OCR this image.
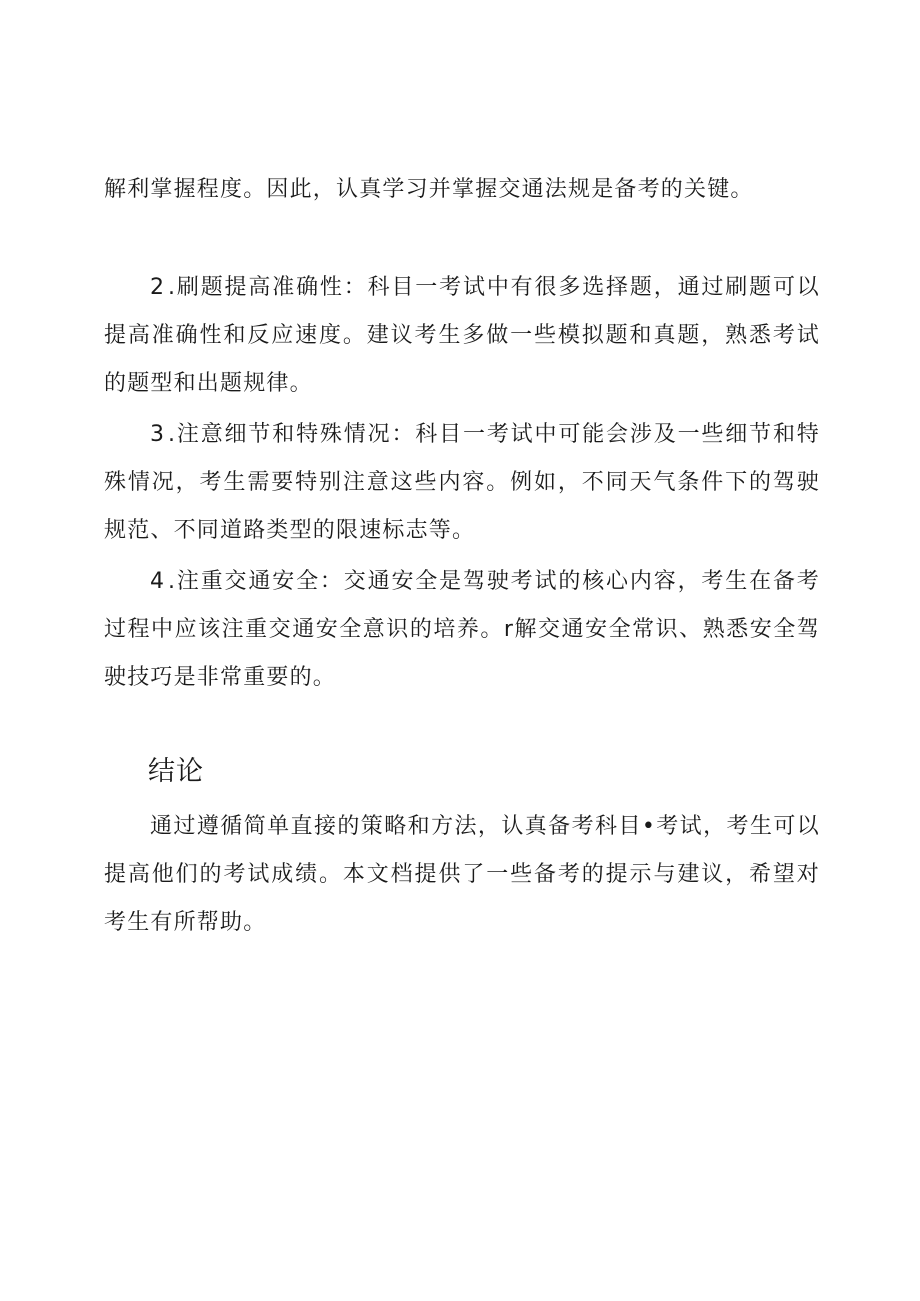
解利掌握程度。因此，认真学习并掌握交通法规是备考的关键。

2.刷题提高准确性：科目一考试中有很多选择题，通过刷题可以提高准确性和反应速度。建议考生多做一些模拟题和真题，熟悉考试的题型和出题规律。

3.注意细节和特殊情况：科目一考试中可能会涉及一些细节和特殊情况，考生需要特别注意这些内容。例如，不同天气条件下的驾驶规范、不同道路类型的限速标志等。

4.注重交通安全：交通安全是驾驶考试的核心内容，考生在备考过程中应该注重交通安全意识的培养。r解交通安全常识、熟悉安全驾驶技巧是非常重要的。

结论

通过遵循简单直接的策略和方法，认真备考科目•考试，考生可以提高他们的考试成绩。本文档提供了一些备考的提示与建议，希望对考生有所帮助。
